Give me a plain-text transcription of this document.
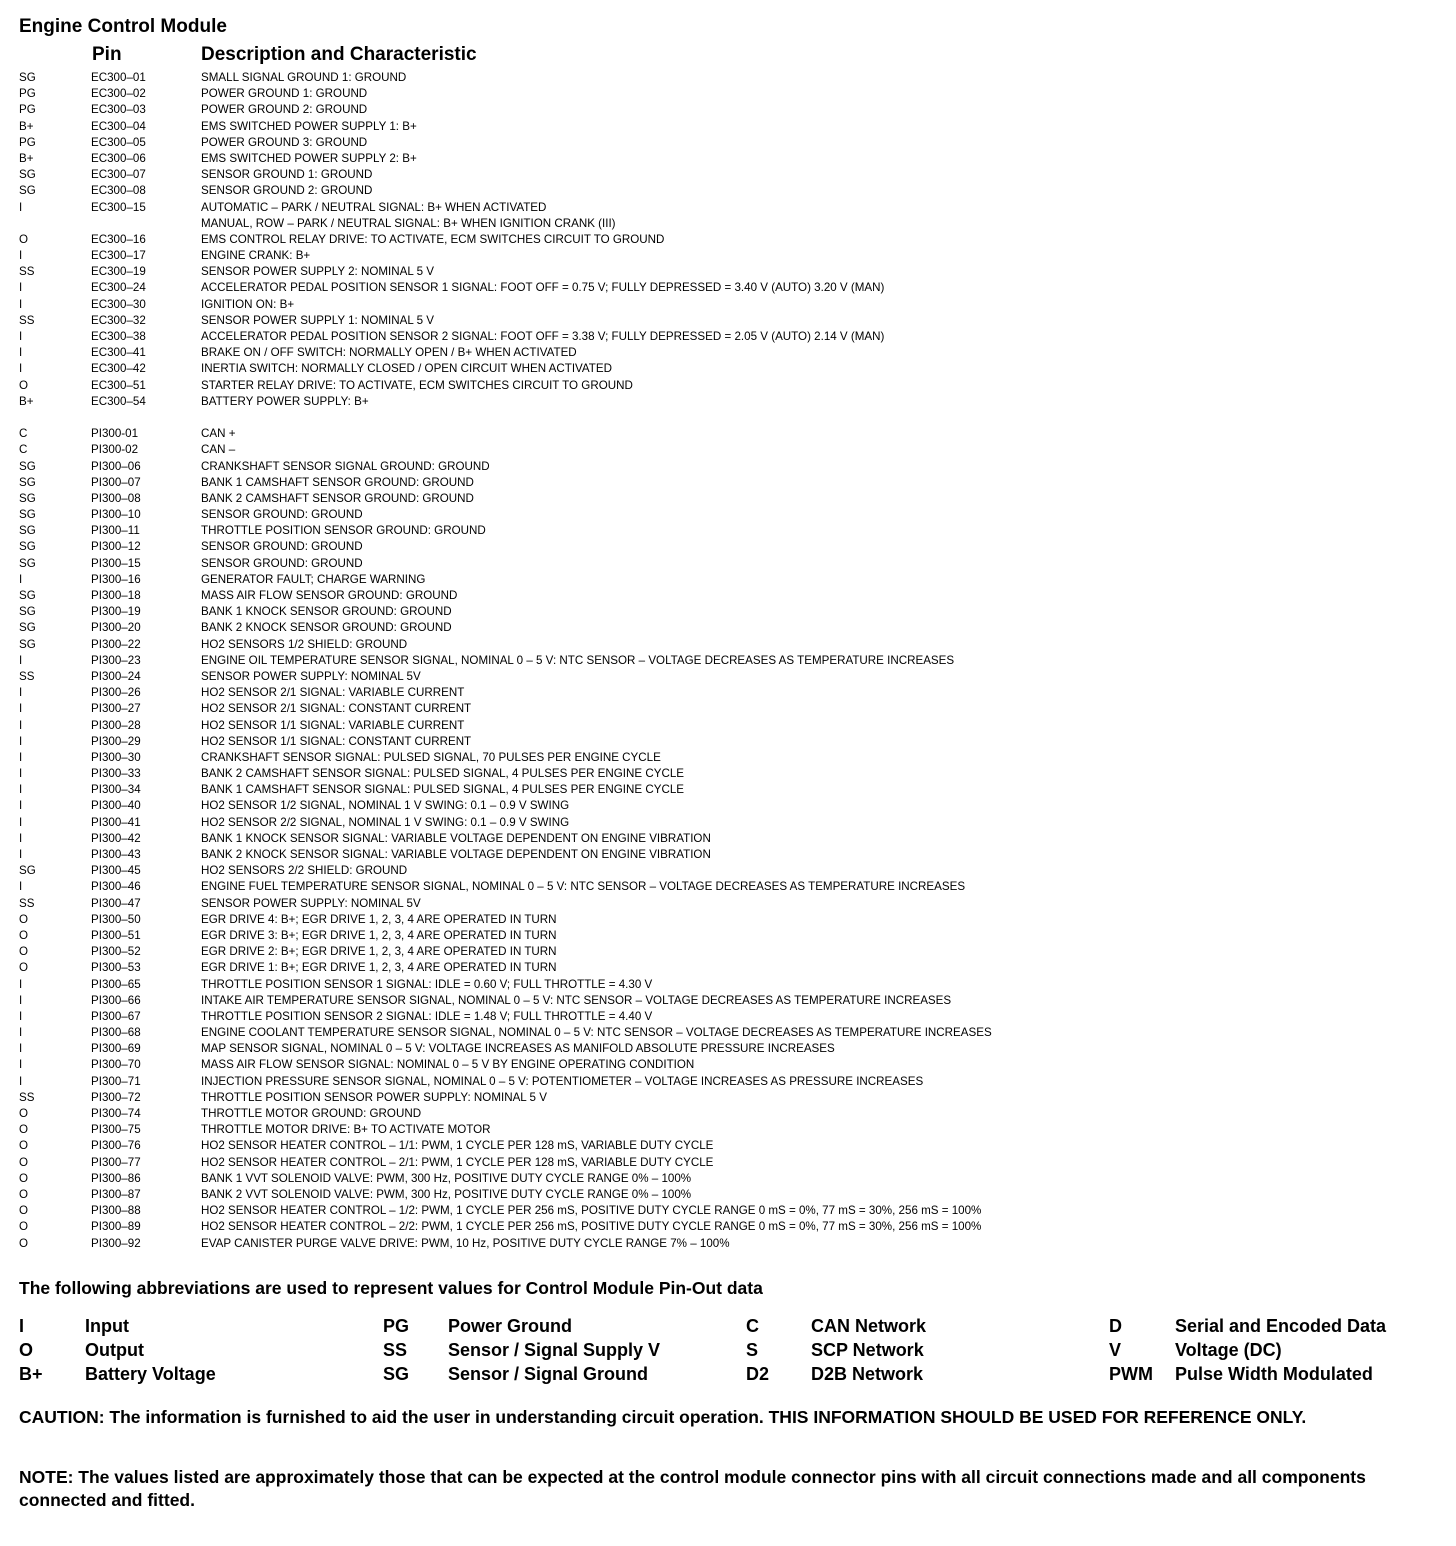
Engine Control Module
Pin	Description and Characteristic
SG	EC300–01	SMALL SIGNAL GROUND 1: GROUND
PG	EC300–02	POWER GROUND 1: GROUND
PG	EC300–03	POWER GROUND 2: GROUND
B+	EC300–04	EMS SWITCHED POWER SUPPLY 1: B+
PG	EC300–05	POWER GROUND 3: GROUND
B+	EC300–06	EMS SWITCHED POWER SUPPLY 2: B+
SG	EC300–07	SENSOR GROUND 1: GROUND
SG	EC300–08	SENSOR GROUND 2: GROUND
I	EC300–15	AUTOMATIC – PARK / NEUTRAL SIGNAL: B+ WHEN ACTIVATED
MANUAL, ROW – PARK / NEUTRAL SIGNAL: B+ WHEN IGNITION CRANK (III)
O	EC300–16	EMS CONTROL RELAY DRIVE: TO ACTIVATE, ECM SWITCHES CIRCUIT TO GROUND
I	EC300–17	ENGINE CRANK: B+
SS	EC300–19	SENSOR POWER SUPPLY 2: NOMINAL 5 V
I	EC300–24	ACCELERATOR PEDAL POSITION SENSOR 1 SIGNAL: FOOT OFF = 0.75 V; FULLY DEPRESSED = 3.40 V (AUTO) 3.20 V (MAN)
I	EC300–30	IGNITION ON: B+
SS	EC300–32	SENSOR POWER SUPPLY 1: NOMINAL 5 V
I	EC300–38	ACCELERATOR PEDAL POSITION SENSOR 2 SIGNAL: FOOT OFF = 3.38 V; FULLY DEPRESSED = 2.05 V (AUTO) 2.14 V (MAN)
I	EC300–41	BRAKE ON / OFF SWITCH: NORMALLY OPEN / B+ WHEN ACTIVATED
I	EC300–42	INERTIA SWITCH: NORMALLY CLOSED / OPEN CIRCUIT WHEN ACTIVATED
O	EC300–51	STARTER RELAY DRIVE: TO ACTIVATE, ECM SWITCHES CIRCUIT TO GROUND
B+	EC300–54	BATTERY POWER SUPPLY: B+
C	PI300-01	CAN +
C	PI300-02	CAN –
SG	PI300–06	CRANKSHAFT SENSOR SIGNAL GROUND: GROUND
SG	PI300–07	BANK 1 CAMSHAFT SENSOR GROUND: GROUND
SG	PI300–08	BANK 2 CAMSHAFT SENSOR GROUND: GROUND
SG	PI300–10	SENSOR GROUND: GROUND
SG	PI300–11	THROTTLE POSITION SENSOR GROUND: GROUND
SG	PI300–12	SENSOR GROUND: GROUND
SG	PI300–15	SENSOR GROUND: GROUND
I	PI300–16	GENERATOR FAULT; CHARGE WARNING
SG	PI300–18	MASS AIR FLOW SENSOR GROUND: GROUND
SG	PI300–19	BANK 1 KNOCK SENSOR GROUND: GROUND
SG	PI300–20	BANK 2 KNOCK SENSOR GROUND: GROUND
SG	PI300–22	HO2 SENSORS 1/2 SHIELD: GROUND
I	PI300–23	ENGINE OIL TEMPERATURE SENSOR SIGNAL, NOMINAL 0 – 5 V: NTC SENSOR – VOLTAGE DECREASES AS TEMPERATURE INCREASES
SS	PI300–24	SENSOR POWER SUPPLY: NOMINAL 5V
I	PI300–26	HO2 SENSOR 2/1 SIGNAL: VARIABLE CURRENT
I	PI300–27	HO2 SENSOR 2/1 SIGNAL: CONSTANT CURRENT
I	PI300–28	HO2 SENSOR 1/1 SIGNAL: VARIABLE CURRENT
I	PI300–29	HO2 SENSOR 1/1 SIGNAL: CONSTANT CURRENT
I	PI300–30	CRANKSHAFT SENSOR SIGNAL: PULSED SIGNAL, 70 PULSES PER ENGINE CYCLE
I	PI300–33	BANK 2 CAMSHAFT SENSOR SIGNAL: PULSED SIGNAL, 4 PULSES PER ENGINE CYCLE
I	PI300–34	BANK 1 CAMSHAFT SENSOR SIGNAL: PULSED SIGNAL, 4 PULSES PER ENGINE CYCLE
I	PI300–40	HO2 SENSOR 1/2 SIGNAL, NOMINAL 1 V SWING: 0.1 – 0.9 V SWING
I	PI300–41	HO2 SENSOR 2/2 SIGNAL, NOMINAL 1 V SWING: 0.1 – 0.9 V SWING
I	PI300–42	BANK 1 KNOCK SENSOR SIGNAL: VARIABLE VOLTAGE DEPENDENT ON ENGINE VIBRATION
I	PI300–43	BANK 2 KNOCK SENSOR SIGNAL: VARIABLE VOLTAGE DEPENDENT ON ENGINE VIBRATION
SG	PI300–45	HO2 SENSORS 2/2 SHIELD: GROUND
I	PI300–46	ENGINE FUEL TEMPERATURE SENSOR SIGNAL, NOMINAL 0 – 5 V: NTC SENSOR – VOLTAGE DECREASES AS TEMPERATURE INCREASES
SS	PI300–47	SENSOR POWER SUPPLY: NOMINAL 5V
O	PI300–50	EGR DRIVE 4: B+; EGR DRIVE 1, 2, 3, 4 ARE OPERATED IN TURN
O	PI300–51	EGR DRIVE 3: B+; EGR DRIVE 1, 2, 3, 4 ARE OPERATED IN TURN
O	PI300–52	EGR DRIVE 2: B+; EGR DRIVE 1, 2, 3, 4 ARE OPERATED IN TURN
O	PI300–53	EGR DRIVE 1: B+; EGR DRIVE 1, 2, 3, 4 ARE OPERATED IN TURN
I	PI300–65	THROTTLE POSITION SENSOR 1 SIGNAL: IDLE = 0.60 V; FULL THROTTLE = 4.30 V
I	PI300–66	INTAKE AIR TEMPERATURE SENSOR SIGNAL, NOMINAL 0 – 5 V: NTC SENSOR – VOLTAGE DECREASES AS TEMPERATURE INCREASES
I	PI300–67	THROTTLE POSITION SENSOR 2 SIGNAL: IDLE = 1.48 V; FULL THROTTLE = 4.40 V
I	PI300–68	ENGINE COOLANT TEMPERATURE SENSOR SIGNAL, NOMINAL 0 – 5 V: NTC SENSOR – VOLTAGE DECREASES AS TEMPERATURE INCREASES
I	PI300–69	MAP SENSOR SIGNAL, NOMINAL 0 – 5 V: VOLTAGE INCREASES AS MANIFOLD ABSOLUTE PRESSURE INCREASES
I	PI300–70	MASS AIR FLOW SENSOR SIGNAL: NOMINAL 0 – 5 V BY ENGINE OPERATING CONDITION
I	PI300–71	INJECTION PRESSURE SENSOR SIGNAL, NOMINAL 0 – 5 V: POTENTIOMETER – VOLTAGE INCREASES AS PRESSURE INCREASES
SS	PI300–72	THROTTLE POSITION SENSOR POWER SUPPLY: NOMINAL 5 V
O	PI300–74	THROTTLE MOTOR GROUND: GROUND
O	PI300–75	THROTTLE MOTOR DRIVE: B+ TO ACTIVATE MOTOR
O	PI300–76	HO2 SENSOR HEATER CONTROL – 1/1: PWM, 1 CYCLE PER 128 mS, VARIABLE DUTY CYCLE
O	PI300–77	HO2 SENSOR HEATER CONTROL – 2/1: PWM, 1 CYCLE PER 128 mS, VARIABLE DUTY CYCLE
O	PI300–86	BANK 1 VVT SOLENOID VALVE: PWM, 300 Hz, POSITIVE DUTY CYCLE RANGE 0% – 100%
O	PI300–87	BANK 2 VVT SOLENOID VALVE: PWM, 300 Hz, POSITIVE DUTY CYCLE RANGE 0% – 100%
O	PI300–88	HO2 SENSOR HEATER CONTROL – 1/2: PWM, 1 CYCLE PER 256 mS, POSITIVE DUTY CYCLE RANGE 0 mS = 0%, 77 mS = 30%, 256 mS = 100%
O	PI300–89	HO2 SENSOR HEATER CONTROL – 2/2: PWM, 1 CYCLE PER 256 mS, POSITIVE DUTY CYCLE RANGE 0 mS = 0%, 77 mS = 30%, 256 mS = 100%
O	PI300–92	EVAP CANISTER PURGE VALVE DRIVE: PWM, 10 Hz, POSITIVE DUTY CYCLE RANGE 7% – 100%
The following abbreviations are used to represent values for Control Module Pin-Out data
I	Input	PG Power Ground	C	CAN Network	D	Serial and Encoded Data
O	Output	SS Sensor / Signal Supply V	S	SCP Network	V	Voltage (DC)
B+ Battery Voltage	SG Sensor / Signal Ground	D2 D2B Network	PWM Pulse Width Modulated
CAUTION: The information is furnished to aid the user in understanding circuit operation. THIS INFORMATION SHOULD BE USED FOR REFERENCE ONLY.
NOTE: The values listed are approximately those that can be expected at the control module connector pins with all circuit connections made and all components connected and fitted.
